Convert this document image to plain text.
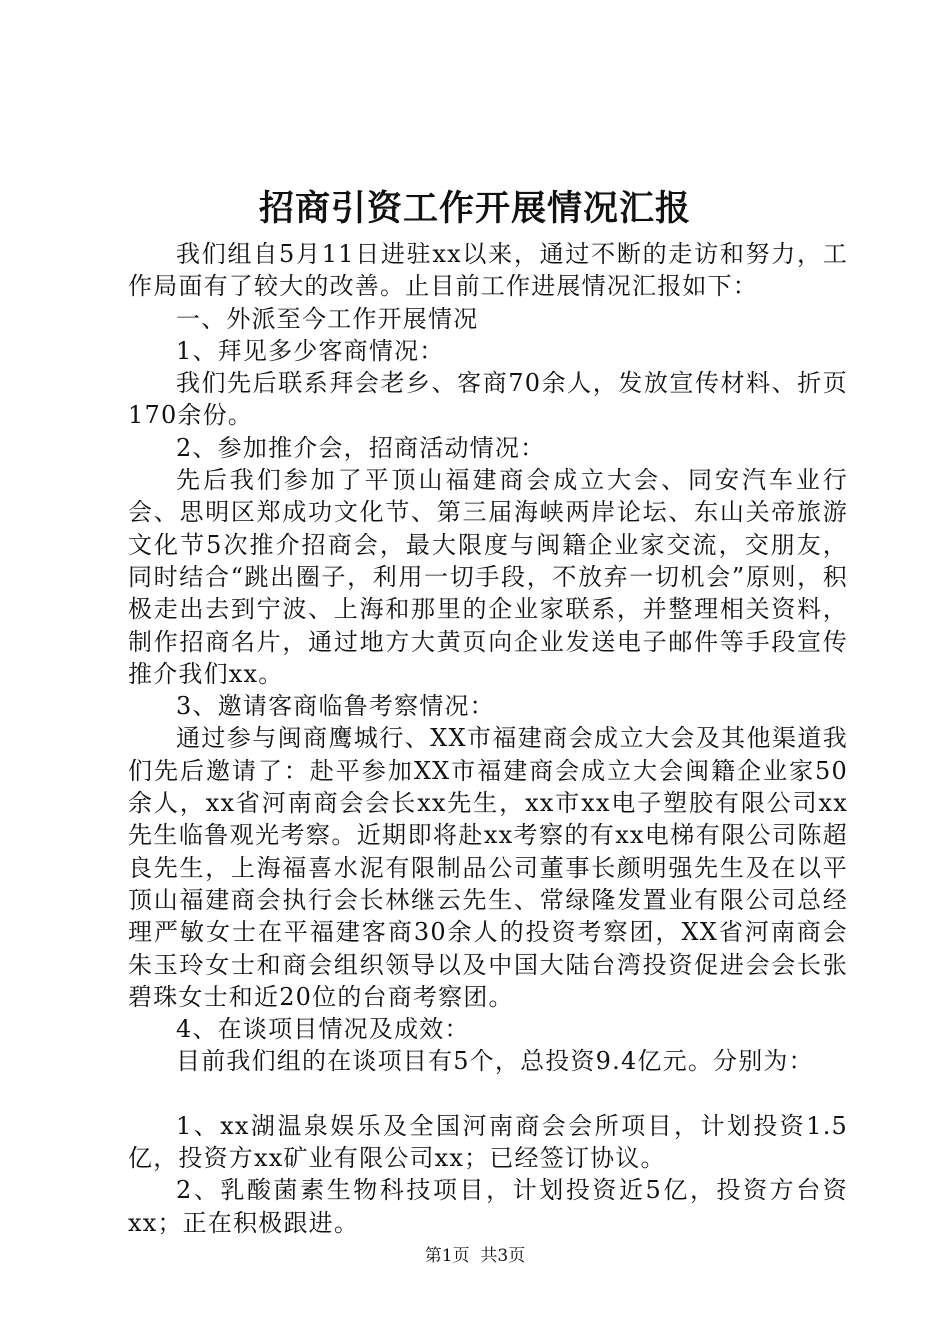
招商引资工作开展情况汇报

我们组自5月11日进驻xx以来，通过不断的走访和努力，工作局面有了较大的改善。止目前工作进展情况汇报如下：

一、外派至今工作开展情况

1、拜见多少客商情况：

我们先后联系拜会老乡、客商70余人，发放宣传材料、折页170余份。

2、参加推介会，招商活动情况：

先后我们参加了平顶山福建商会成立大会、同安汽车业行会、思明区郑成功文化节、第三届海峡两岸论坛、东山关帝旅游文化节5次推介招商会，最大限度与闽籍企业家交流，交朋友，同时结合“跳出圈子，利用一切手段，不放弃一切机会”原则，积极走出去到宁波、上海和那里的企业家联系，并整理相关资料，制作招商名片，通过地方大黄页向企业发送电子邮件等手段宣传推介我们xx。

3、邀请客商临鲁考察情况：

通过参与闽商鹰城行、XX市福建商会成立大会及其他渠道我们先后邀请了：赴平参加XX市福建商会成立大会闽籍企业家50余人，xx省河南商会会长xx先生，xx市xx电子塑胶有限公司xx先生临鲁观光考察。近期即将赴xx考察的有xx电梯有限公司陈超良先生，上海福喜水泥有限制品公司董事长颜明强先生及在以平顶山福建商会执行会长林继云先生、常绿隆发置业有限公司总经理严敏女士在平福建客商30余人的投资考察团，XX省河南商会朱玉玲女士和商会组织领导以及中国大陆台湾投资促进会会长张碧珠女士和近20位的台商考察团。

4、在谈项目情况及成效：

目前我们组的在谈项目有5个，总投资9.4亿元。分别为：

1、xx湖温泉娱乐及全国河南商会会所项目，计划投资1.5亿，投资方xx矿业有限公司xx；已经签订协议。

2、乳酸菌素生物科技项目，计划投资近5亿，投资方台资xx；正在积极跟进。

第1页  共3页
